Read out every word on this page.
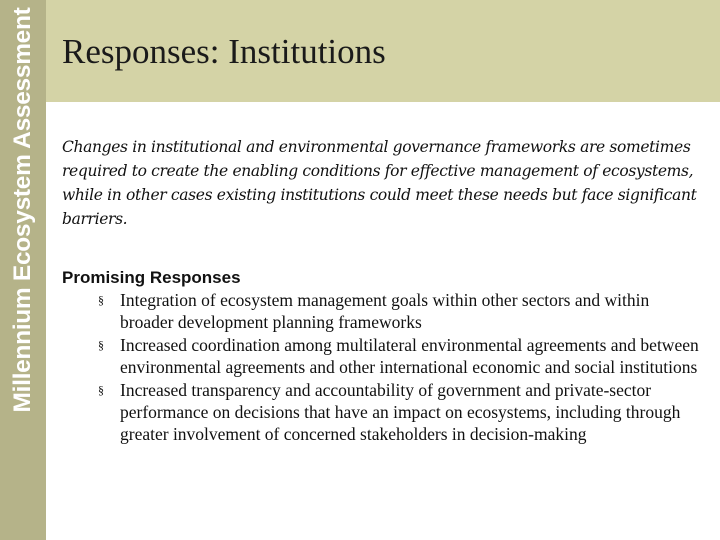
Millennium Ecosystem Assessment Responses: Institutions

Changes in institutional and environmental governance frameworks are sometimes required to create the enabling conditions for effective management of ecosystems, while in other cases existing institutions could meet these needs but face significant barriers.

Promising Responses
§ Integration of ecosystem management goals within other sectors and within broader development planning frameworks
§ Increased coordination among multilateral environmental agreements and between environmental agreements and other international economic and social institutions
§ Increased transparency and accountability of government and private-sector performance on decisions that have an impact on ecosystems, including through greater involvement of concerned stakeholders in decision-making
